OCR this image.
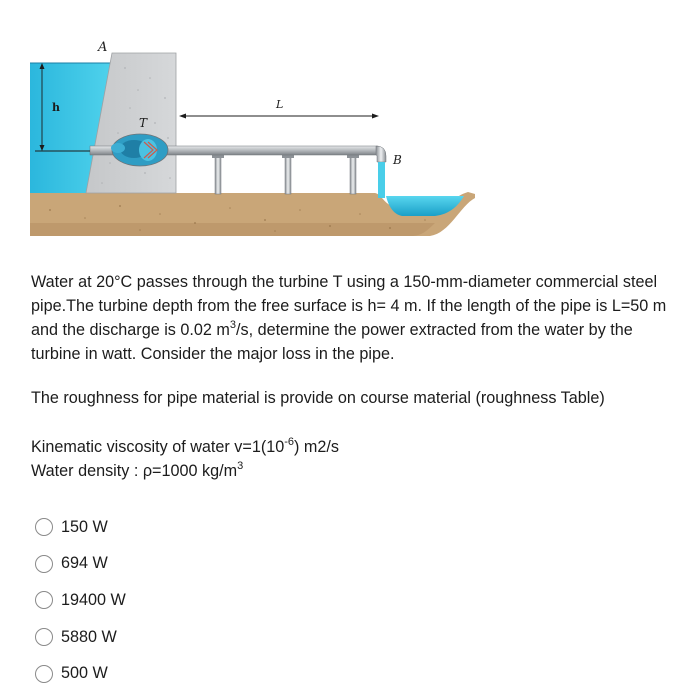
h
A
T
L
B

Water at 20°C passes through the turbine T using a 150-mm-diameter commercial steel pipe.The turbine depth from the free surface is h= 4 m. If the length of the pipe is L=50 m and the discharge is 0.02 $m^3/s$, determine the power extracted from the water by the turbine in watt. Consider the major loss in the pipe.

The roughness for pipe material is provide on course material (roughness Table)

Kinematic viscosity of water $v=1(10^{-6})$ m2/s

Water density : ρ=1000 $kg/m^3$

150 W
694 W
19400 W
5880 W
500 W
